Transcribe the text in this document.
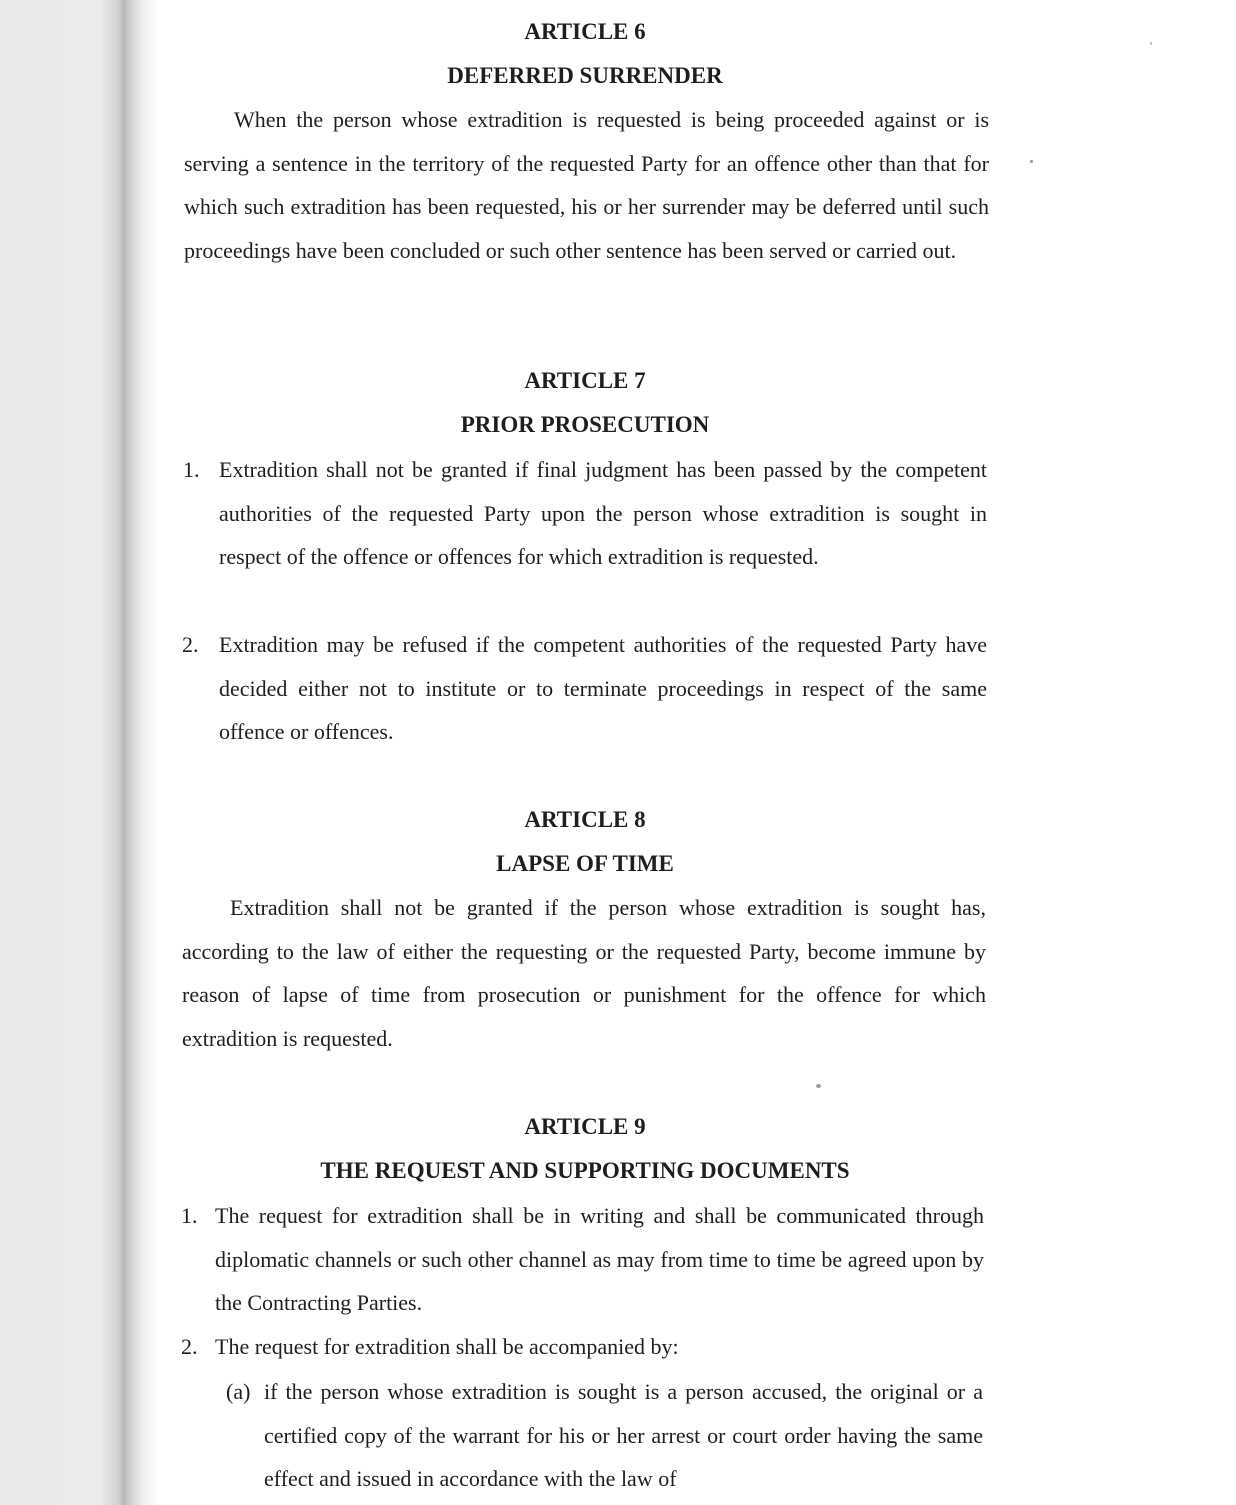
ARTICLE 6
DEFERRED SURRENDER

When the person whose extradition is requested is being proceeded against or is serving a sentence in the territory of the requested Party for an offence other than that for which such extradition has been requested, his or her surrender may be deferred until such proceedings have been concluded or such other sentence has been served or carried out.

ARTICLE 7
PRIOR PROSECUTION
1. Extradition shall not be granted if final judgment has been passed by the competent authorities of the requested Party upon the person whose extradition is sought in respect of the offence or offences for which extradition is requested.
2. Extradition may be refused if the competent authorities of the requested Party have decided either not to institute or to terminate proceedings in respect of the same offence or offences.
ARTICLE 8
LAPSE OF TIME

Extradition shall not be granted if the person whose extradition is sought has, according to the law of either the requesting or the requested Party, become immune by reason of lapse of time from prosecution or punishment for the offence for which extradition is requested.

ARTICLE 9
THE REQUEST AND SUPPORTING DOCUMENTS
1. The request for extradition shall be in writing and shall be communicated through diplomatic channels or such other channel as may from time to time be agreed upon by the Contracting Parties.
2. The request for extradition shall be accompanied by:
(a) if the person whose extradition is sought is a person accused, the original or a certified copy of the warrant for his or her arrest or court order having the same effect and issued in accordance with the law of
